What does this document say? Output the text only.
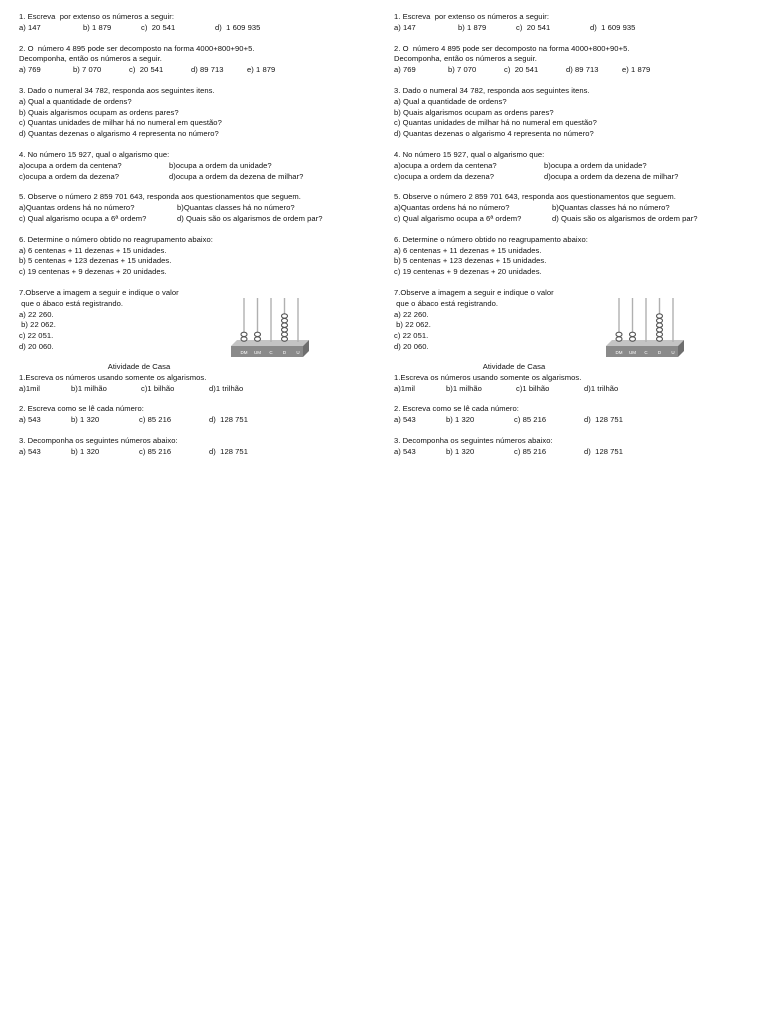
1. Escreva  por extenso os números a seguir:
a) 147	b) 1 879	c)  20 541	d)  1 609 935
2. O  número 4 895 pode ser decomposto na forma 4000+800+90+5.
Decomponha, então os números a seguir.
a) 769	b) 7 070	c)  20 541	d) 89 713	e) 1 879
3. Dado o numeral 34 782, responda aos seguintes itens.
a) Qual a quantidade de ordens?
b) Quais algarismos ocupam as ordens pares?
c) Quantas unidades de milhar há no numeral em questão?
d) Quantas dezenas o algarismo 4 representa no número?
4. No número 15 927, qual o algarismo que:
a)ocupa a ordem da centena?	b)ocupa a ordem da unidade?
c)ocupa a ordem da dezena?	d)ocupa a ordem da dezena de milhar?
5. Observe o número 2 859 701 643, responda aos questionamentos que seguem.
a)Quantas ordens há no número?	b)Quantas classes há no número?
c) Qual algarismo ocupa a 6ª ordem?	d) Quais são os algarismos de ordem par?
6. Determine o número obtido no reagrupamento abaixo:
a) 6 centenas + 11 dezenas + 15 unidades.
b) 5 centenas + 123 dezenas + 15 unidades.
c) 19 centenas + 9 dezenas + 20 unidades.
7.Observe a imagem a seguir e indique o valor
que o ábaco está registrando.
a) 22 260.
b) 22 062.
c) 22 051.
d) 20 060.
DM UM C D U
Atividade de Casa
1.Escreva os números usando somente os algarismos.
a)1mil	b)1 milhão	c)1 bilhão	d)1 trilhão
2. Escreva como se lê cada número:
a) 543	b) 1 320	c) 85 216	d)  128 751
3. Decomponha os seguintes números abaixo:
a) 543	b) 1 320	c) 85 216	d)  128 751
1. Escreva  por extenso os números a seguir:
a) 147	b) 1 879	c)  20 541	d)  1 609 935
2. O  número 4 895 pode ser decomposto na forma 4000+800+90+5.
Decomponha, então os números a seguir.
a) 769	b) 7 070	c)  20 541	d) 89 713	e) 1 879
3. Dado o numeral 34 782, responda aos seguintes itens.
a) Qual a quantidade de ordens?
b) Quais algarismos ocupam as ordens pares?
c) Quantas unidades de milhar há no numeral em questão?
d) Quantas dezenas o algarismo 4 representa no número?
4. No número 15 927, qual o algarismo que:
a)ocupa a ordem da centena?	b)ocupa a ordem da unidade?
c)ocupa a ordem da dezena?	d)ocupa a ordem da dezena de milhar?
5. Observe o número 2 859 701 643, responda aos questionamentos que seguem.
a)Quantas ordens há no número?	b)Quantas classes há no número?
c) Qual algarismo ocupa a 6ª ordem?	d) Quais são os algarismos de ordem par?
6. Determine o número obtido no reagrupamento abaixo:
a) 6 centenas + 11 dezenas + 15 unidades.
b) 5 centenas + 123 dezenas + 15 unidades.
c) 19 centenas + 9 dezenas + 20 unidades.
7.Observe a imagem a seguir e indique o valor
que o ábaco está registrando.
a) 22 260.
b) 22 062.
c) 22 051.
d) 20 060.
DM UM C D U
Atividade de Casa
1.Escreva os números usando somente os algarismos.
a)1mil	b)1 milhão	c)1 bilhão	d)1 trilhão
2. Escreva como se lê cada número:
a) 543	b) 1 320	c) 85 216	d)  128 751
3. Decomponha os seguintes números abaixo:
a) 543	b) 1 320	c) 85 216	d)  128 751
